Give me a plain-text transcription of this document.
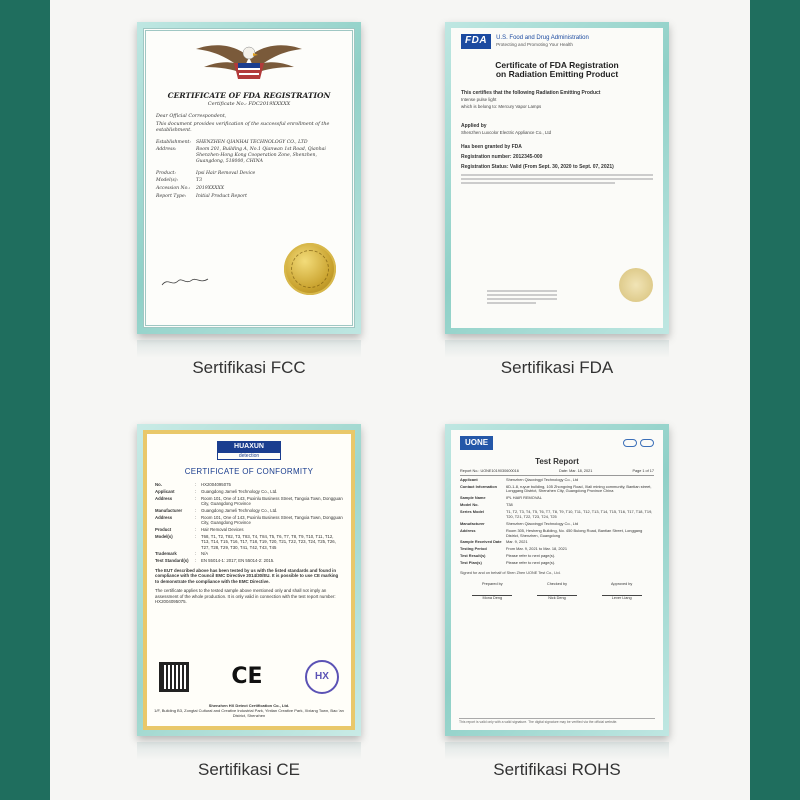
CERTIFICATE OF FDA REGISTRATION
Certificate No.: FDC2019XXXXX
Dear Official Correspondent,
This document provides verification of the successful enrollment of the establishment.
Establishment:	SHENZHEN QIANHAI TECHNOLOGY CO., LTD
Address:	Room 201, Building A, No.1 Qianwan 1st Road, Qianhai Shenzhen-Hong Kong Cooperation Zone, Shenzhen, Guangdong, 518000, CHINA
Product:	Ipsi Hair Removal Device
Model(s):	T3
Accession No.:	2019XXXXX
Report Type:	Initial Product Report
Sertifikasi FCC
FDA	U.S. Food and Drug Administration
Protecting and Promoting Your Health
Certificate of FDA Registration
on Radiation Emitting Product
This certifies that the following Radiation Emitting Product
Intense pulse light
which is belong to: Mercury Vapor Lamps
Applied by
Shenzhen Luxcolor Electric Appliance Co., Ltd
Has been granted by FDA
Registration number: 2012345-000
Registration Status: Valid (From Sept. 30, 2020 to Sept. 07, 2021)
Sertifikasi FDA
HUAXUN
detection
CERTIFICATE OF CONFORMITY
No.	:	HX2004095075
Applicant	:	Guangdong Jameli Technology Co., Ltd.
Address	:	Room 101, One of 143, Puxinlu Business Street, Tangxia Town, Dongguan City, Guangdong Province
Manufacturer	:	Guangdong Jameli Technology Co., Ltd.
Address	:	Room 101, One of 143, Puxinlu Business Street, Tangxia Town, Dongguan City, Guangdong Province
Product	:	Hair Removal Devices
Model(s)	:	T68, T1, T2, T82, T3, T83, T4, T84, T5, T6, T7, T8, T9, T10, T11, T12, T13, T14, T15, T16, T17, T18, T19, T20, T21, T22, T23, T24, T25, T26, T27, T28, T29, T30, T41, T42, T43, T45
Trademark	:	N/A
Test Standard(s)	:	EN 55014-1: 2017; EN 55014-2: 2015.
The EUT described above has been tested by us with the listed standards and found in compliance with the Council EMC Directive 2014/30/EU. It is possible to use CE marking to demonstrate the compliance with the EMC Directive.
The certificate applies to the tested sample above mentioned only and shall not imply an assessment of the whole production. It is only valid in connection with the test report number: HX2004095075.
CE	HX
Shenzhen HX Detect Certification Co., Ltd.
1/F, Building B3, Zongtai Cultural and Creative Industrial Park, Yintian Creative Park, Xixiang Town, Bao 'an District, Shenzhen
Sertifikasi CE
UONE
Test Report
Report No.: UONE1019030600016	Date: Mar. 18, 2021	Page 1 of 17
Applicant	Shenzhen Qiaoxingyi Technology Co., Ltd
Contact Information	6D-1-8, ruyue building, 105 Zhongxing Road, Xiali mining community, Bantian street, Longgang District, Shenzhen City, Guangdong Province China
Sample Name	IPL HAIR REMOVAL
Model No.	T38
Series Model	T1, T2, T3, T4, T5, T6, T7, T8, T9, T10, T11, T12, T13, T14, T15, T16, T17, T18, T19, T20, T21, T22, T23, T24, T25
Manufacturer	Shenzhen Qiaoxingyi Technology Co., Ltd
Address	Room 305, Hesheng Building, No. 450 Bulong Road, Bantian Street, Longgang District, Shenzhen, Guangdong
Sample Received Date	Mar. 9, 2021
Testing Period	From Mar. 9, 2021 to Mar. 18, 2021
Test Result(s)	Please refer to next page(s).
Test Plan(s)	Please refer to next page(s).
Signed for and on behalf of Shen Zhen UONE Test Co., Ltd.
Prepared by
Mona Deng
Checked by
Nick Deng
Approved by
Lever Liang
This report is valid only with a valid signature. The digital signature may be verified via the official website.
Sertifikasi ROHS
